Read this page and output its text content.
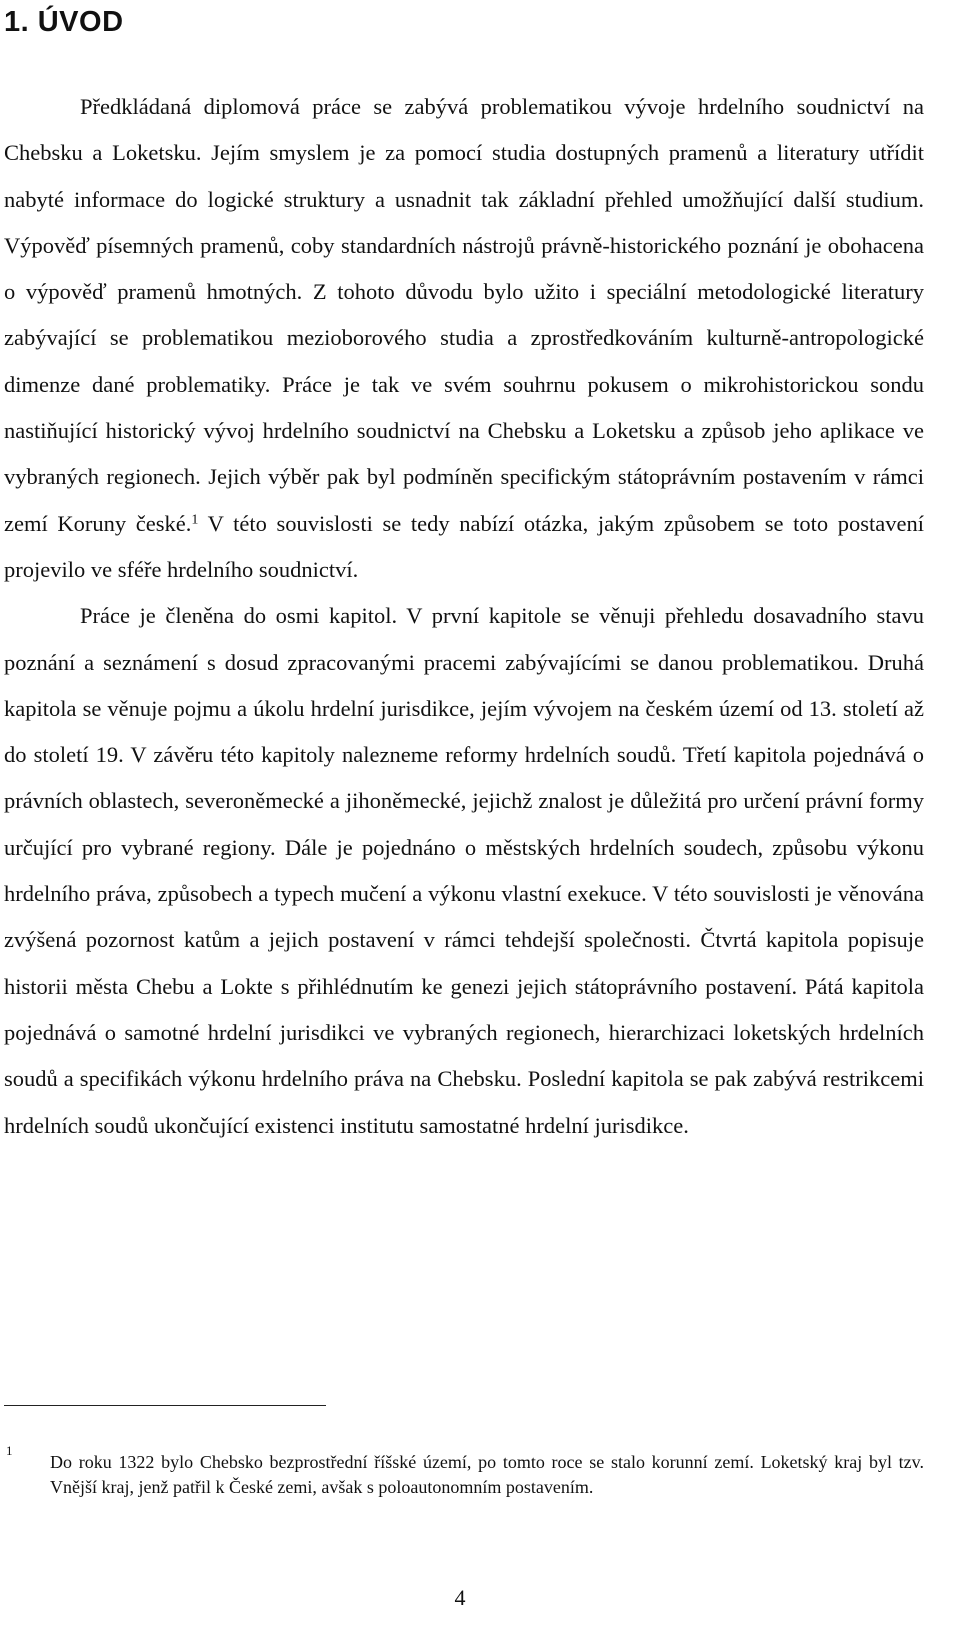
1. ÚVOD

Předkládaná diplomová práce se zabývá problematikou vývoje hrdelního soudnictví na Chebsku a Loketsku. Jejím smyslem je za pomocí studia dostupných pramenů a literatury utřídit nabyté informace do logické struktury a usnadnit tak základní přehled umožňující další studium. Výpověď písemných pramenů, coby standardních nástrojů právně-historického poznání je obohacena o výpověď pramenů hmotných. Z tohoto důvodu bylo užito i speciální metodologické literatury zabývající se problematikou mezioborového studia a zprostředkováním kulturně-antropologické dimenze dané problematiky. Práce je tak ve svém souhrnu pokusem o mikrohistorickou sondu nastiňující historický vývoj hrdelního soudnictví na Chebsku a Loketsku a způsob jeho aplikace ve vybraných regionech. Jejich výběr pak byl podmíněn specifickým státoprávním postavením v rámci zemí Koruny české.$^1$ V této souvislosti se tedy nabízí otázka, jakým způsobem se toto postavení projevilo ve sféře hrdelního soudnictví.

Práce je členěna do osmi kapitol. V první kapitole se věnuji přehledu dosavadního stavu poznání a seznámení s dosud zpracovanými pracemi zabývajícími se danou problematikou. Druhá kapitola se věnuje pojmu a úkolu hrdelní jurisdikce, jejím vývojem na českém území od 13. století až do století 19. V závěru této kapitoly nalezneme reformy hrdelních soudů. Třetí kapitola pojednává o právních oblastech, severoněmecké a jihoněmecké, jejichž znalost je důležitá pro určení právní formy určující pro vybrané regiony. Dále je pojednáno o městských hrdelních soudech, způsobu výkonu hrdelního práva, způsobech a typech mučení a výkonu vlastní exekuce. V této souvislosti je věnována zvýšená pozornost katům a jejich postavení v rámci tehdejší společnosti. Čtvrtá kapitola popisuje historii města Chebu a Lokte s přihlédnutím ke genezi jejich státoprávního postavení. Pátá kapitola pojednává o samotné hrdelní jurisdikci ve vybraných regionech, hierarchizaci loketských hrdelních soudů a specifikách výkonu hrdelního práva na Chebsku. Poslední kapitola se pak zabývá restrikcemi hrdelních soudů ukončující existenci institutu samostatné hrdelní jurisdikce.

1
Do roku 1322 bylo Chebsko bezprostřední říšské území, po tomto roce se stalo korunní zemí. Loketský kraj byl tzv. Vnější kraj, jenž patřil k České zemi, avšak s poloautonomním postavením.
4
